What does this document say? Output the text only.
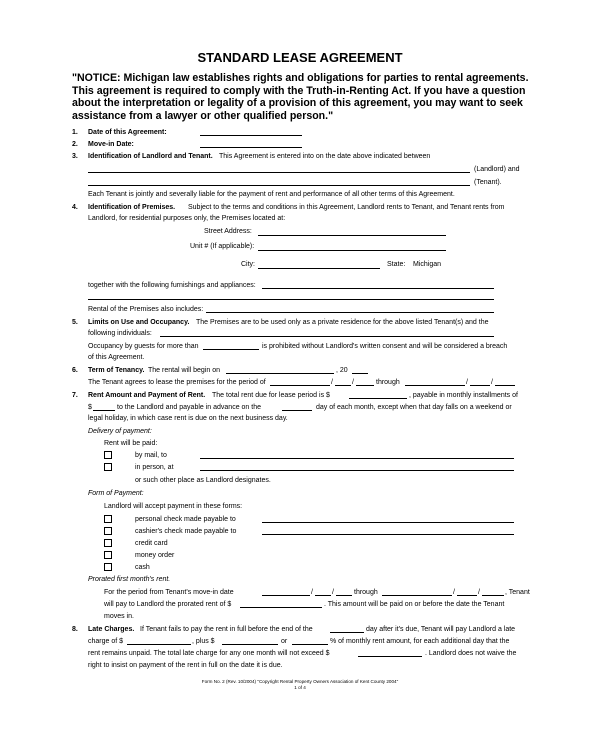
STANDARD LEASE AGREEMENT
"NOTICE: Michigan law establishes rights and obligations for parties to rental agreements. This agreement is required to comply with the Truth-in-Renting Act. If you have a question about the interpretation or legality of a provision of this agreement, you may want to seek assistance from a lawyer or other qualified person."
1. Date of this Agreement:
2. Move-in Date:
3. Identification of Landlord and Tenant. This Agreement is entered into on the date above indicated between
(Landlord) and
(Tenant).
Each Tenant is jointly and severally liable for the payment of rent and performance of all other terms of this Agreement.
4. Identification of Premises. Subject to the terms and conditions in this Agreement, Landlord rents to Tenant, and Tenant rents from
Landlord, for residential purposes only, the Premises located at:
Street Address:
Unit # (If applicable):
City:	State: Michigan
together with the following furnishings and appliances:
Rental of the Premises also includes:
5. Limits on Use and Occupancy. The Premises are to be used only as a private residence for the above listed Tenant(s) and the
following individuals:
Occupancy by guests for more than	is prohibited without Landlord's written consent and will be considered a breach
of this Agreement.
6. Term of Tenancy. The rental will begin on	, 20
The Tenant agrees to lease the premises for the period of	/	/	through	/	/
7. Rent Amount and Payment of Rent. The total rent due for lease period is $	, payable in monthly installments of
$	to the Landlord and payable in advance on the	day of each month, except when that day falls on a weekend or
legal holiday, in which case rent is due on the next business day.
Delivery of payment:
Rent will be paid:
by mail, to
in person, at
or such other place as Landlord designates.
Form of Payment:
Landlord will accept payment in these forms:
personal check made payable to
cashier's check made payable to
credit card
money order
cash
Prorated first month's rent.
For the period from Tenant's move-in date	/	/	through	/	/	, Tenant
will pay to Landlord the prorated rent of $	. This amount will be paid on or before the date the Tenant
moves in.
8. Late Charges. If Tenant fails to pay the rent in full before the end of the	day after it's due, Tenant will pay Landlord a late
charge of $	, plus $	or	% of monthly rent amount, for each additional day that the
rent remains unpaid. The total late charge for any one month will not exceed $	. Landlord does not waive the
right to insist on payment of the rent in full on the date it is due.
Form No. 2 (Rev. 10/2004) "Copyright Rental Property Owners Association of Kent County 2004"
1 of 4
